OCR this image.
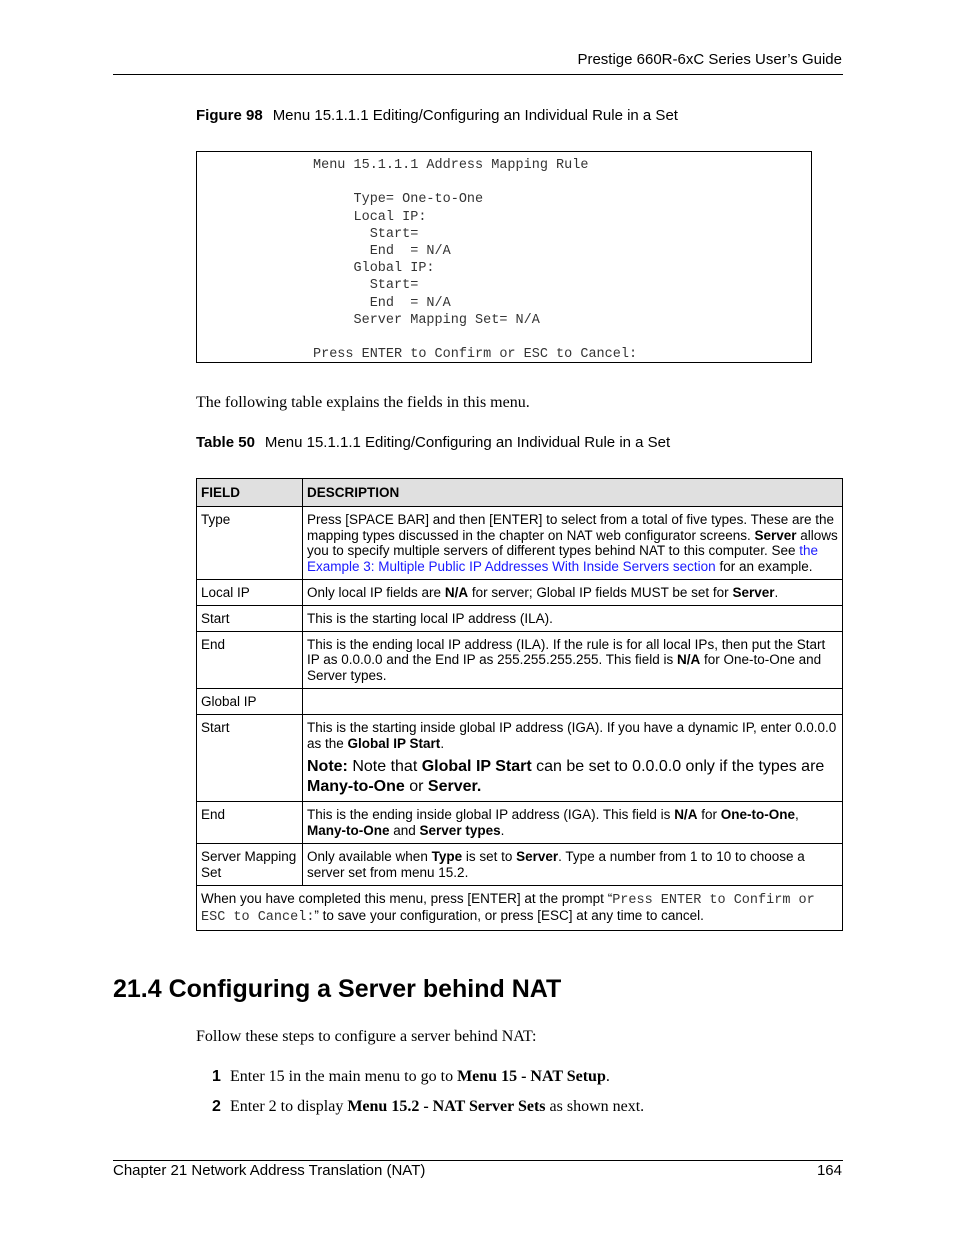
Prestige 660R-6xC Series User’s Guide
Figure 98 Menu 15.1.1.1 Editing/Configuring an Individual Rule in a Set
Menu 15.1.1.1 Address Mapping Rule

Type= One-to-One
Local IP:
Start=
End  = N/A
Global IP:
Start=
End  = N/A
Server Mapping Set= N/A

Press ENTER to Confirm or ESC to Cancel:
The following table explains the fields in this menu.
Table 50 Menu 15.1.1.1 Editing/Configuring an Individual Rule in a Set
FIELD	DESCRIPTION
Type	Press [SPACE BAR] and then [ENTER] to select from a total of five types. These are the mapping types discussed in the chapter on NAT web configurator screens. Server allows you to specify multiple servers of different types behind NAT to this computer. See the Example 3: Multiple Public IP Addresses With Inside Servers section for an example.
Local IP	Only local IP fields are N/A for server; Global IP fields MUST be set for Server.
Start	This is the starting local IP address (ILA).
End	This is the ending local IP address (ILA). If the rule is for all local IPs, then put the Start IP as 0.0.0.0 and the End IP as 255.255.255.255. This field is N/A for One-to-One and Server types.
Global IP	
Start	This is the starting inside global IP address (IGA). If you have a dynamic IP, enter 0.0.0.0 as the Global IP Start.
Note: Note that Global IP Start can be set to 0.0.0.0 only if the types are Many-to-One or Server.

End	This is the ending inside global IP address (IGA). This field is N/A for One-to-One, Many-to-One and Server types.
Server Mapping Set	Only available when Type is set to Server. Type a number from 1 to 10 to choose a server set from menu 15.2.
When you have completed this menu, press [ENTER] at the prompt “Press ENTER to Confirm or ESC to Cancel:” to save your configuration, or press [ESC] at any time to cancel.	
21.4 Configuring a Server behind NAT
Follow these steps to configure a server behind NAT:
1 Enter 15 in the main menu to go to Menu 15 - NAT Setup.
2 Enter 2 to display Menu 15.2 - NAT Server Sets as shown next.
Chapter 21 Network Address Translation (NAT)	164
